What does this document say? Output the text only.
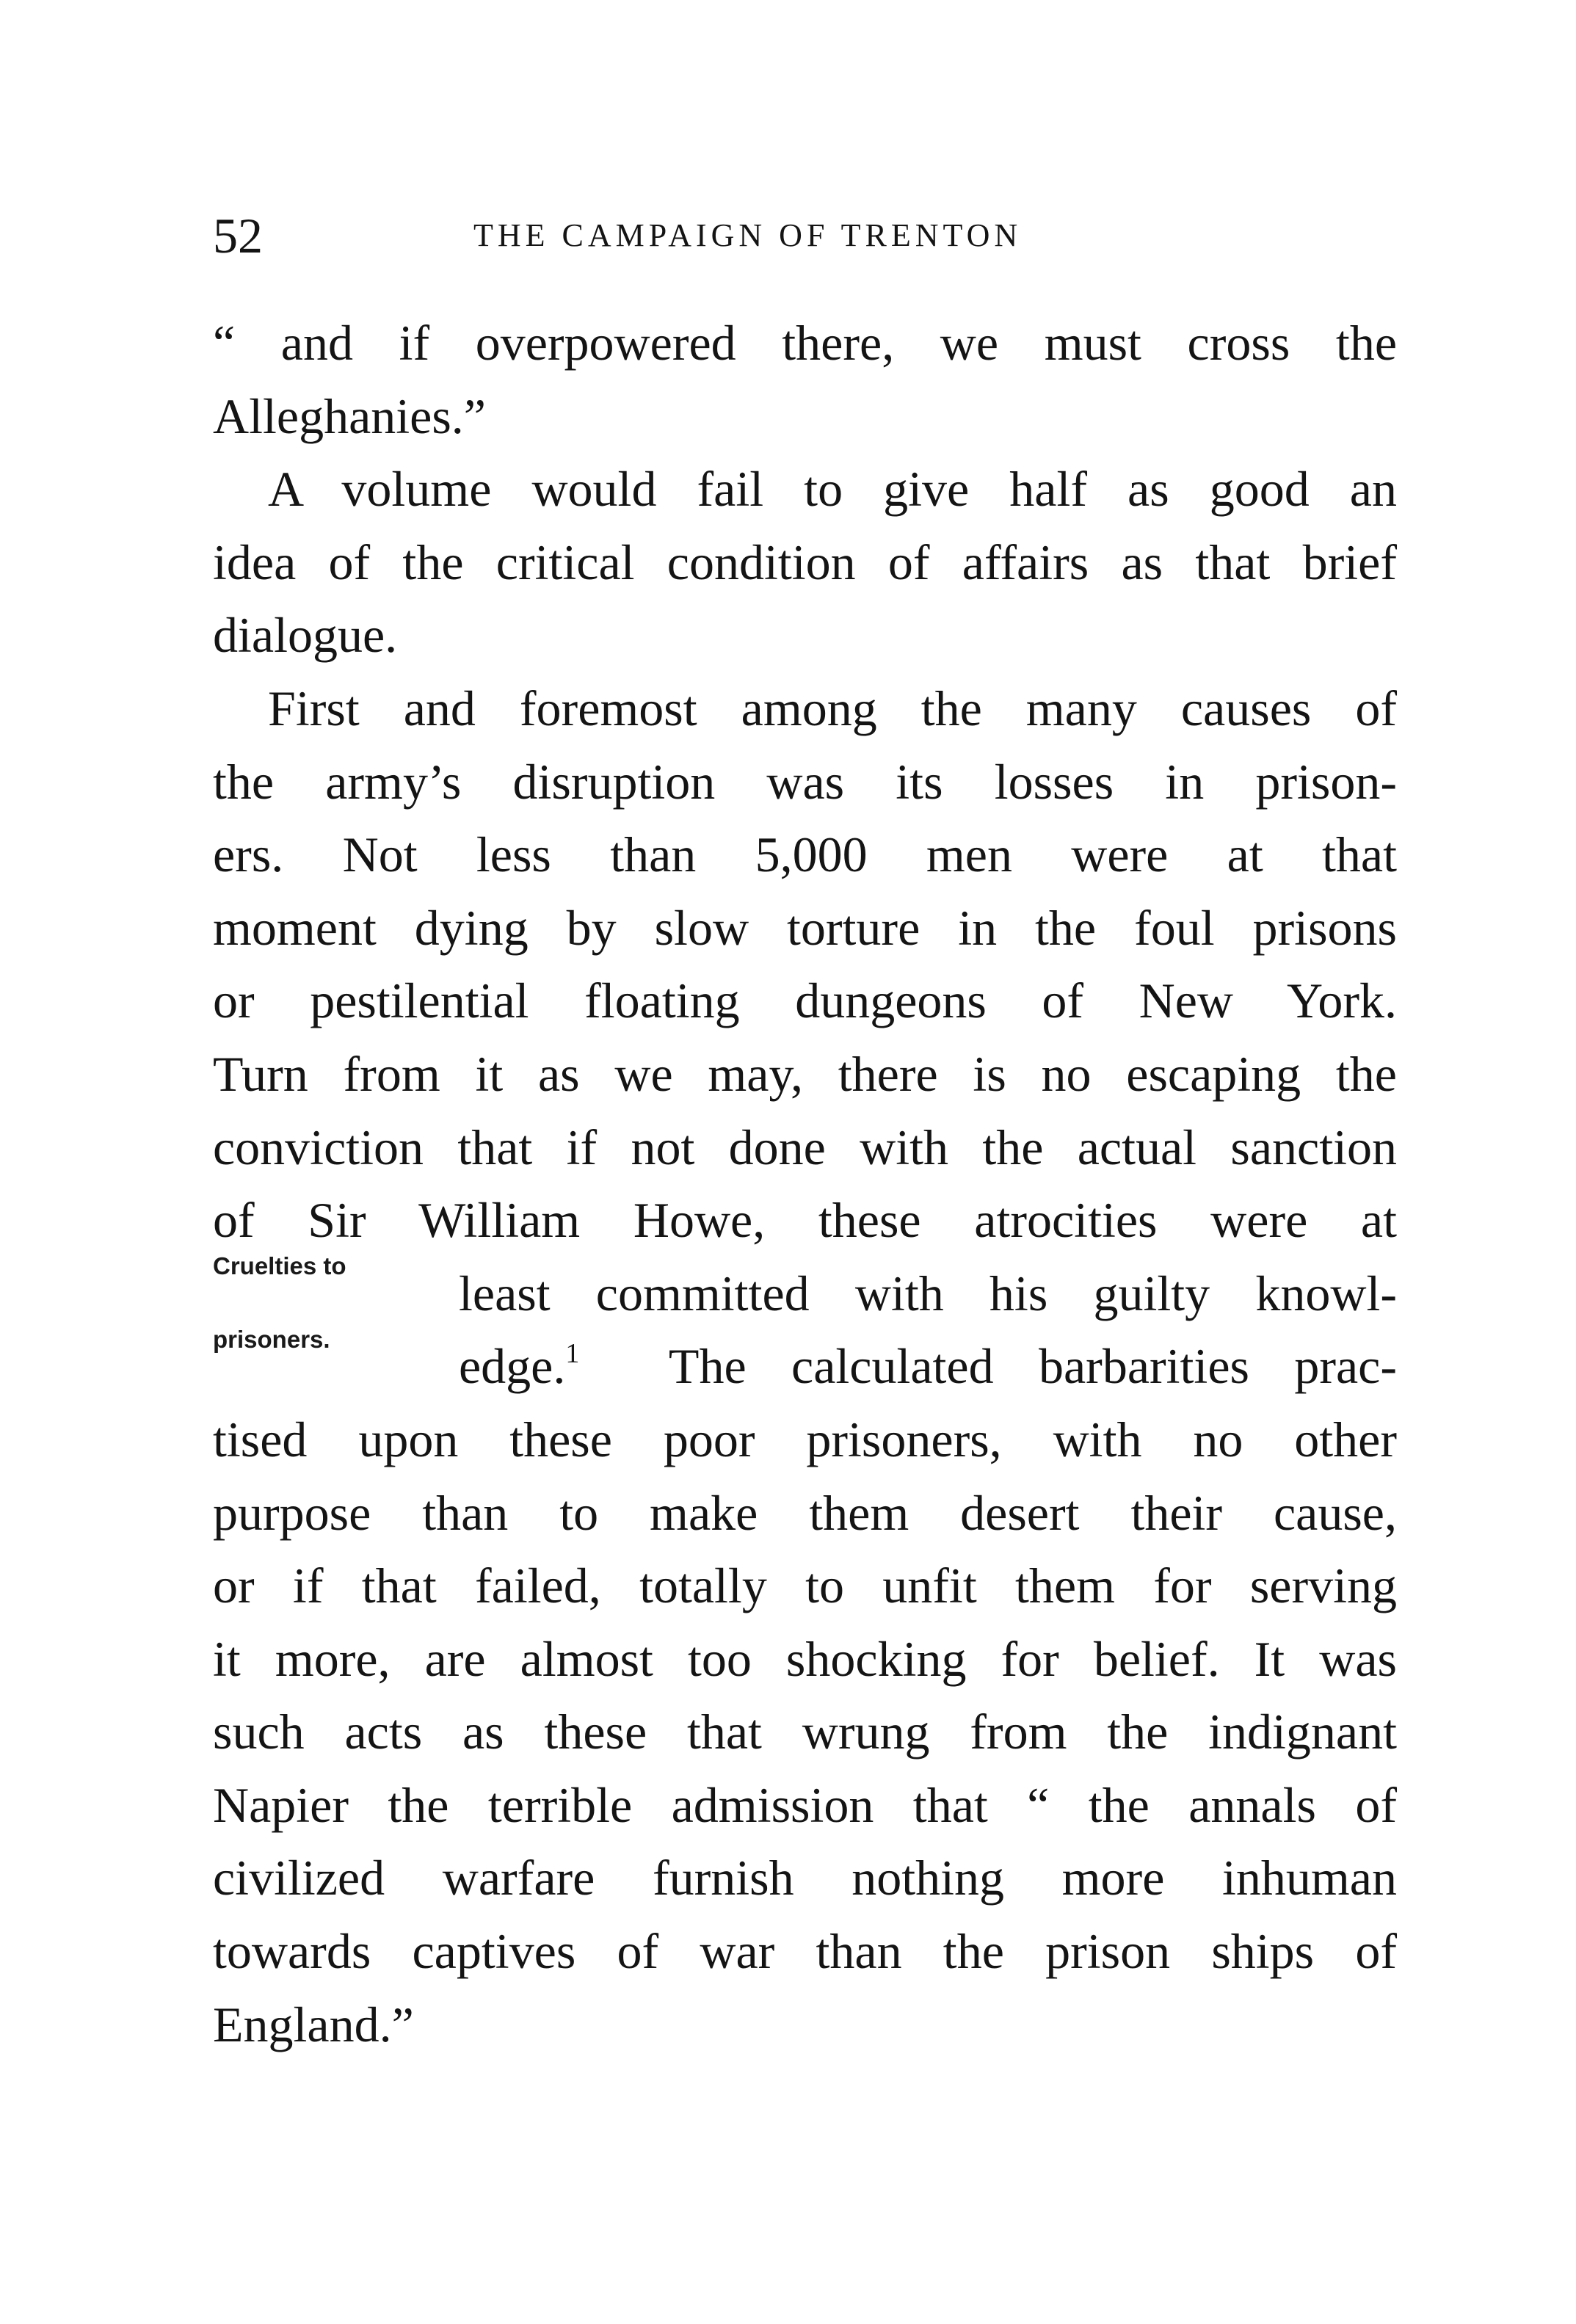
52	THE CAMPAIGN OF TRENTON
Cruelties to
prisoners.
“ and if overpowered there, we must cross the
Alleghanies.”
A volume would fail to give half as good an
idea of the critical condition of affairs as that brief
dialogue.
First and foremost among the many causes of
the army’s disruption was its losses in prison-
ers. Not less than 5,000 men were at that
moment dying by slow torture in the foul prisons
or pestilential floating dungeons of New York.
Turn from it as we may, there is no escaping the
conviction that if not done with the actual sanction
of Sir William Howe, these atrocities were at
least committed with his guilty knowl-
edge.$^1$ The calculated barbarities prac-
tised upon these poor prisoners, with no other
purpose than to make them desert their cause,
or if that failed, totally to unfit them for serving
it more, are almost too shocking for belief. It was
such acts as these that wrung from the indignant
Napier the terrible admission that “ the annals of
civilized warfare furnish nothing more inhuman
towards captives of war than the prison ships of
England.”
